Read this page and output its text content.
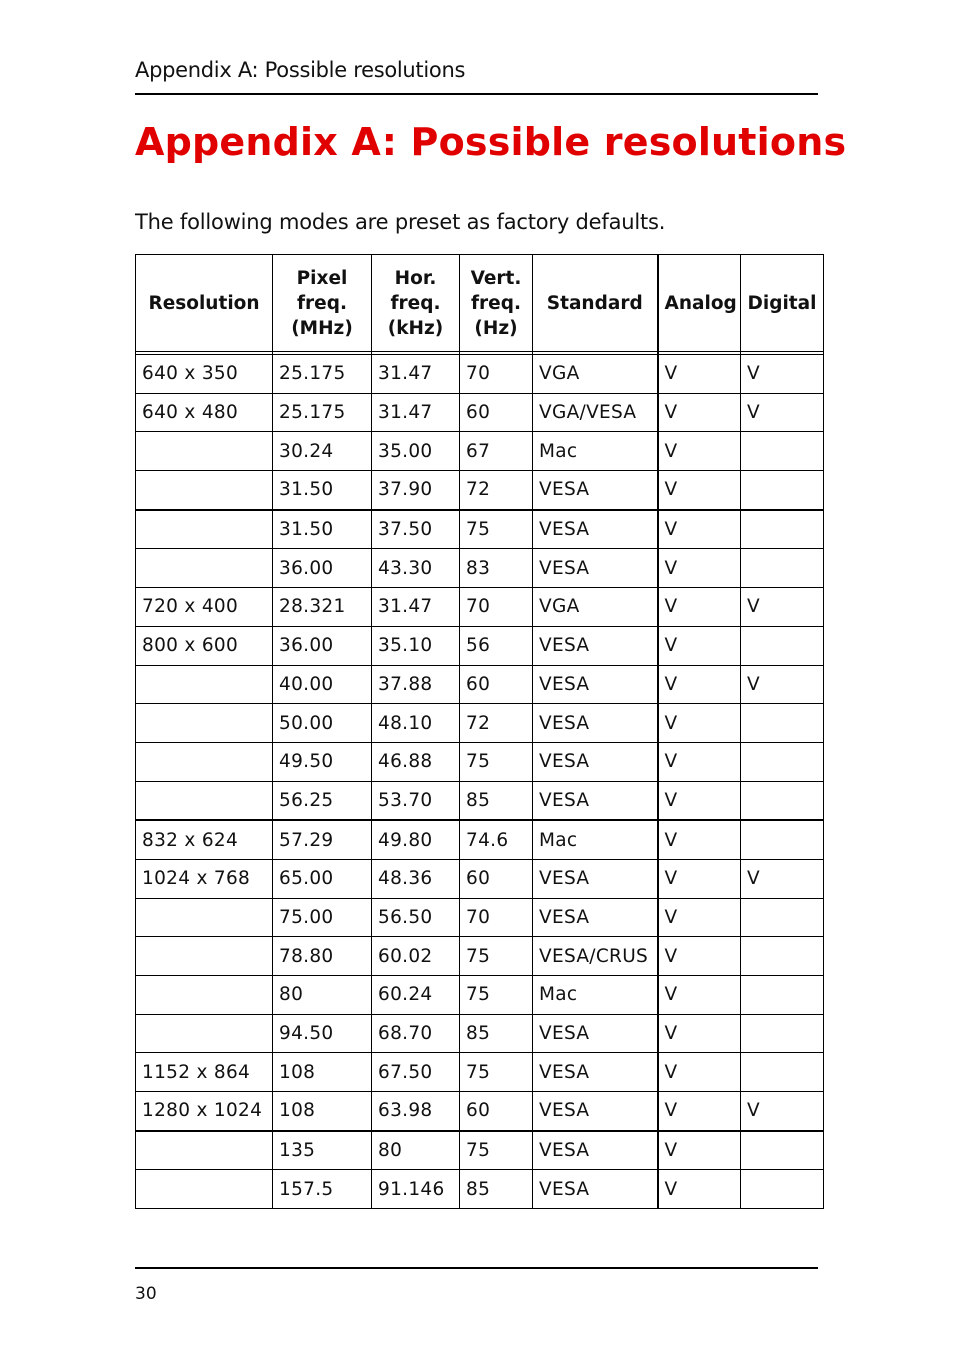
Appendix A: Possible resolutions
Appendix A: Possible resolutions
The following modes are preset as factory defaults.
Resolution	Pixel
freq.
(MHz)	Hor.
freq.
(kHz)	Vert.
freq.
(Hz)	Standard	Analog	Digital

640 x 350	25.175	31.47	70	VGA	V	V
640 x 480	25.175	31.47	60	VGA/VESA	V	V
	30.24	35.00	67	Mac	V	
	31.50	37.90	72	VESA	V	
	31.50	37.50	75	VESA	V	
	36.00	43.30	83	VESA	V	
720 x 400	28.321	31.47	70	VGA	V	V
800 x 600	36.00	35.10	56	VESA	V	
	40.00	37.88	60	VESA	V	V
	50.00	48.10	72	VESA	V	
	49.50	46.88	75	VESA	V	
	56.25	53.70	85	VESA	V	
832 x 624	57.29	49.80	74.6	Mac	V	
1024 x 768	65.00	48.36	60	VESA	V	V
	75.00	56.50	70	VESA	V	
	78.80	60.02	75	VESA/CRUS	V	
	80	60.24	75	Mac	V	
	94.50	68.70	85	VESA	V	
1152 x 864	108	67.50	75	VESA	V	
1280 x 1024	108	63.98	60	VESA	V	V
	135	80	75	VESA	V	
	157.5	91.146	85	VESA	V	
30
